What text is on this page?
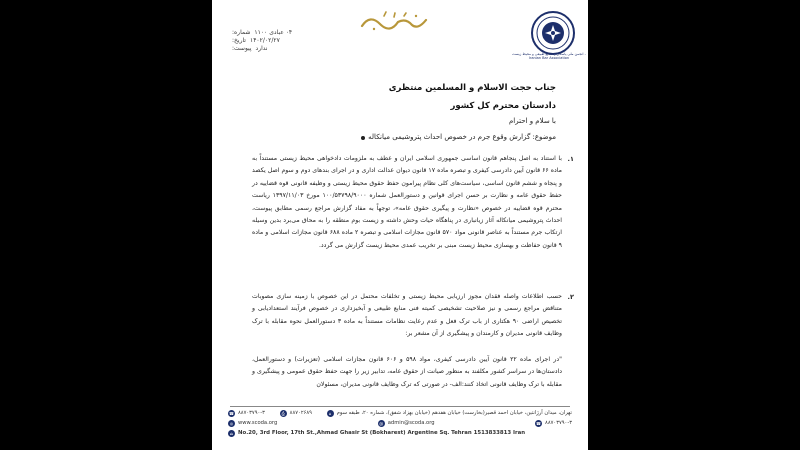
شماره: ۰۴ عبادی ۱۱۰۰
تاریخ: ۱۴۰۲/۰۲/۲۷
پیوست: ندارد
انجمن ملی پاسداران منابع طبیعی و محیط زیست - Iranian Bar Association
جناب حجت الاسلام و المسلمین منتظری
دادستان محترم کل کشور
با سلام و احترام
موضوع: گزارش وقوع جرم در خصوص احداث پتروشیمی میانکاله
۱.
با استناد به اصل پنجاهم قانون اساسی جمهوری اسلامی ایران و عطف به ملزومات دادخواهی محیط زیستی مستنداً به ماده ۶۶ قانون آیین دادرسی کیفری و تبصره ماده ۱۷ قانون دیوان عدالت اداری و در اجرای بندهای دوم و سوم اصل یکصد و پنجاه و ششم قانون اساسی، سیاست‌های کلی نظام پیرامون حفظ حقوق محیط زیستی و وظیفه قانونی قوه قضاییه در حفظ حقوق عامه و نظارت بر حسن اجرای قوانین و دستورالعمل شماره ۱۰۰/۵۳۷۹۸/۹۰۰۰ مورخ ۱۳۹۷/۱۱/۰۳ ریاست محترم قوه قضاییه در خصوص «نظارت و پیگیری حقوق عامه»، توجهاً به مفاد گزارش مراجع رسمی مطابق پیوست، احداث پتروشیمی میانکاله آثار زیانباری در پناهگاه حیات وحش داشته و زیست بوم منطقه را به محاق می‌برد بدین وسیله ارتکاب جرم مستنداً به عناصر قانونی مواد ۵۷۰ قانون مجازات اسلامی و تبصره ۲ ماده ۶۸۸ قانون مجازات اسلامی و ماده ۹ قانون حفاظت و بهسازی محیط زیست مبنی بر تخریب عمدی محیط زیست گزارش می گردد.
۲.
حسب اطلاعات واصله فقدان مجوز ارزیابی محیط زیستی و تخلفات محتمل در این خصوص با زمینه سازی مصوبات متناقض مراجع رسمی و نیز صلاحیت تشخیصی کمیته فنی منابع طبیعی و آبخیزداری در خصوص فرآیند استعدادیابی و تخصیص اراضی ۹۰ هکتاری از باب ترک فعل و عدم رعایت نظامات مستنداً به ماده ۳ دستورالعمل نحوه مقابله با ترک وظایف قانونی مدیران و کارمندان و پیشگیری از آن مشعر بر:
"در اجرای ماده ۲۲ قانون آیین دادرسی کیفری، مواد ۵۹۸ و ۶۰۶ قانون مجازات اسلامی (تعزیرات) و دستورالعمل، دادستان‌ها در سراسر کشور مکلفند به منظور صیانت از حقوق عامه، تدابیر زیر را جهت حفظ حقوق عمومی و پیشگیری و مقابله با ترک وظایف قانونی اتخاذ کنند:الف- در صورتی که ترک وظایف قانونی مدیران، مسئولان
☎ ۸۸۷۰۳۷۹۰-۳	⎙ ۸۸۷۰۲۶۸۹	تهران، میدان آرژانتین، خیابان احمد قصیر(بخارست) خیابان هفدهم (خیابان بهزاد شفق)، شماره ۲۰، طبقه سوم
⌂
◎ www.scoda.org	@ admin@scoda.org	☎ ۸۸۷۰۳۷۹۰-۳
⌂ No.20, 3rd Floor, 17th St.,Ahmad Ghasir St (Bokharest) Argentine Sq. Tehran 1513833813 Iran
